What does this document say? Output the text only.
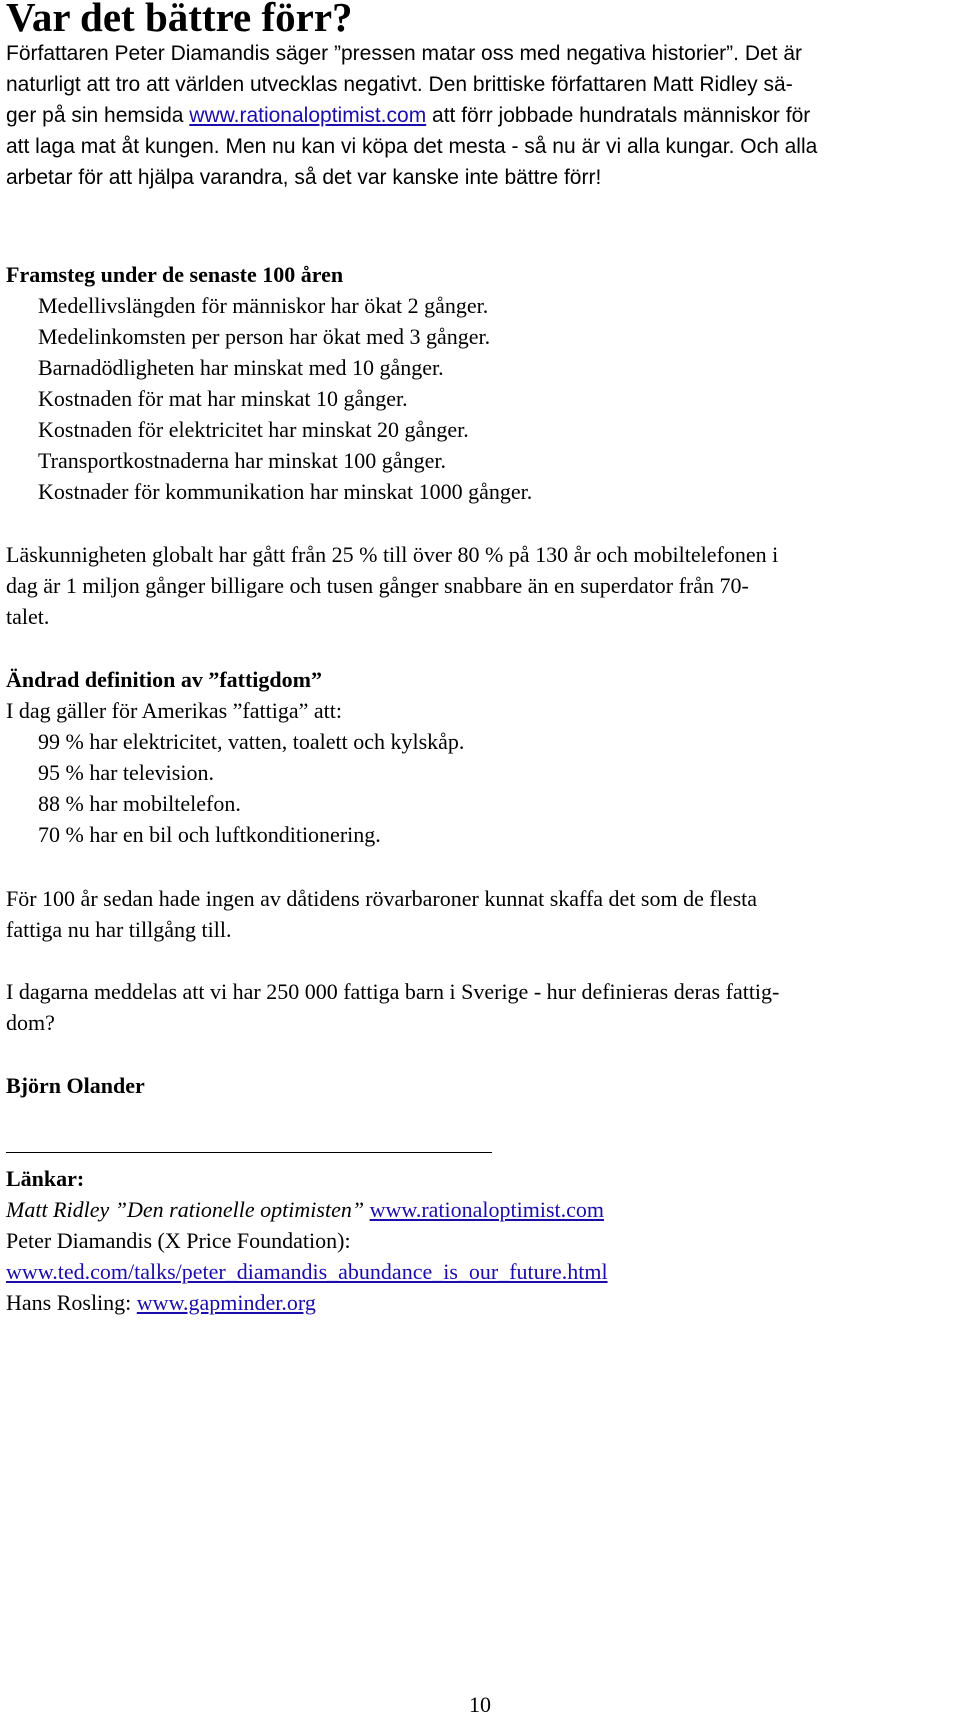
Var det bättre förr?
Författaren Peter Diamandis säger ”pressen matar oss med negativa historier”. Det är
naturligt att tro att världen utvecklas negativt. Den brittiske författaren Matt Ridley sä-
ger på sin hemsida www.rationaloptimist.com att förr jobbade hundratals människor för
att laga mat åt kungen. Men nu kan vi köpa det mesta - så nu är vi alla kungar. Och alla
arbetar för att hjälpa varandra, så det var kanske inte bättre förr!
Framsteg under de senaste 100 åren
Medellivslängden för människor har ökat 2 gånger.
Medelinkomsten per person har ökat med 3 gånger.
Barnadödligheten har minskat med 10 gånger.
Kostnaden för mat har minskat 10 gånger.
Kostnaden för elektricitet har minskat 20 gånger.
Transportkostnaderna har minskat 100 gånger.
Kostnader för kommunikation har minskat 1000 gånger.
Läskunnigheten globalt har gått från 25 % till över 80 % på 130 år och mobiltelefonen i
dag är 1 miljon gånger billigare och tusen gånger snabbare än en superdator från 70-
talet.
Ändrad definition av ”fattigdom”
I dag gäller för Amerikas ”fattiga” att:
99 % har elektricitet, vatten, toalett och kylskåp.
95 % har television.
88 % har mobiltelefon.
70 % har en bil och luftkonditionering.
För 100 år sedan hade ingen av dåtidens rövarbaroner kunnat skaffa det som de flesta
fattiga nu har tillgång till.
I dagarna meddelas att vi har 250 000 fattiga barn i Sverige - hur definieras deras fattig-
dom?
Björn Olander
Länkar:
Matt Ridley ”Den rationelle optimisten” www.rationaloptimist.com
Peter Diamandis (X Price Foundation):
www.ted.com/talks/peter_diamandis_abundance_is_our_future.html
Hans Rosling: www.gapminder.org
10
